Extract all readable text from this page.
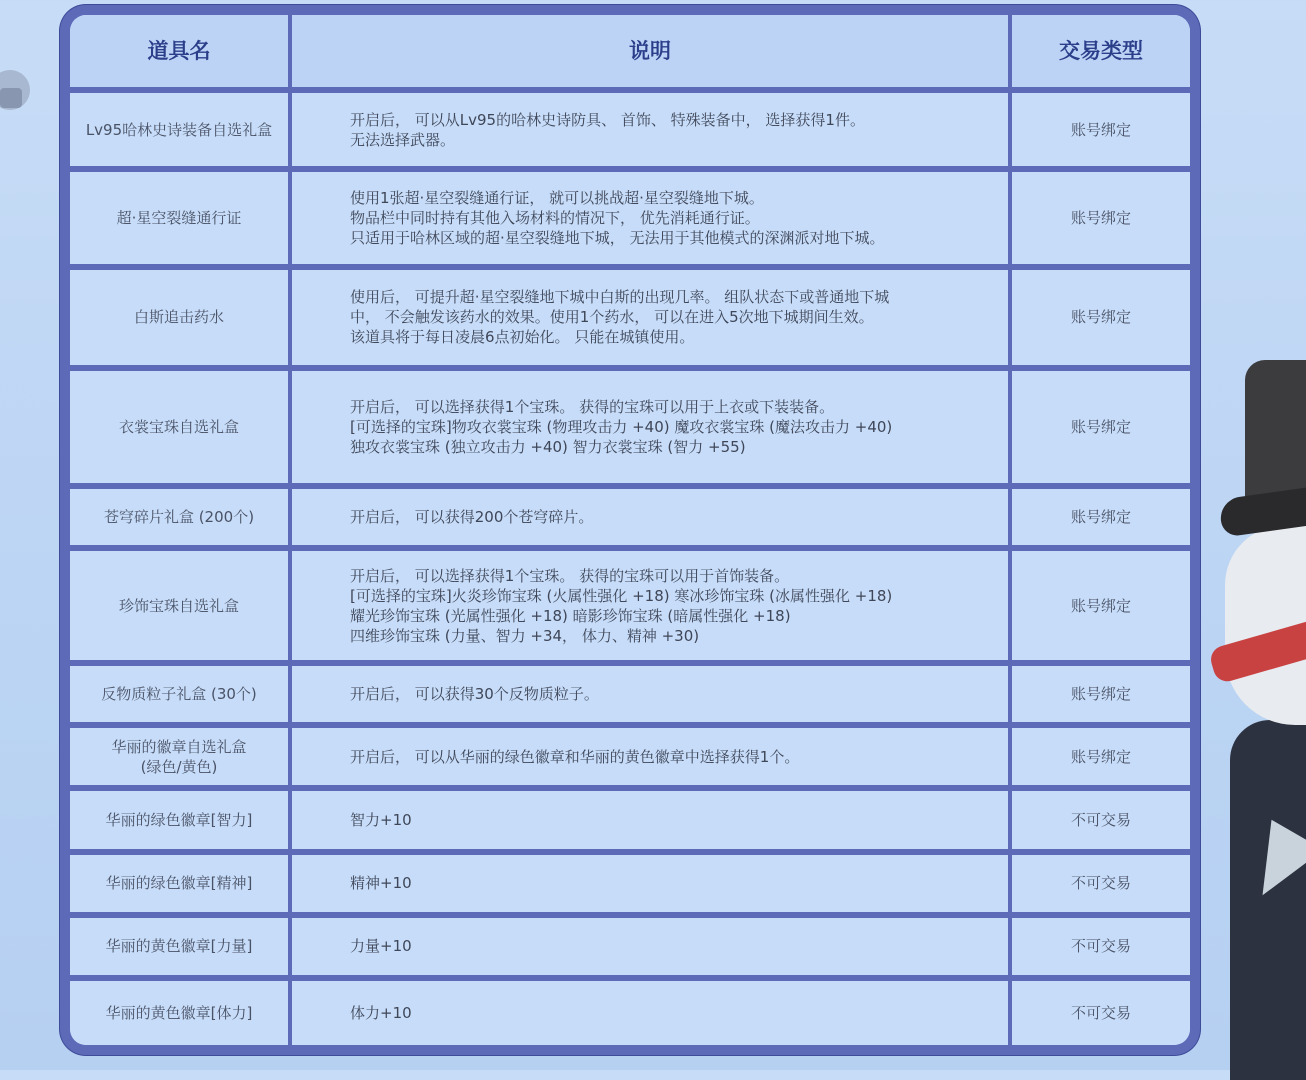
道具名	说明	交易类型

Lv95哈林史诗装备自选礼盒	开启后， 可以从Lv95的哈林史诗防具、 首饰、 特殊装备中， 选择获得1件。
无法选择武器。	账号绑定

超·星空裂缝通行证	使用1张超·星空裂缝通行证， 就可以挑战超·星空裂缝地下城。
物品栏中同时持有其他入场材料的情况下， 优先消耗通行证。
只适用于哈林区域的超·星空裂缝地下城， 无法用于其他模式的深渊派对地下城。	账号绑定

白斯追击药水	使用后， 可提升超·星空裂缝地下城中白斯的出现几率。 组队状态下或普通地下城
中， 不会触发该药水的效果。使用1个药水， 可以在进入5次地下城期间生效。
该道具将于每日凌晨6点初始化。 只能在城镇使用。	账号绑定

衣裳宝珠自选礼盒	开启后， 可以选择获得1个宝珠。 获得的宝珠可以用于上衣或下装装备。
[可选择的宝珠]物攻衣裳宝珠 (物理攻击力 +40) 魔攻衣裳宝珠 (魔法攻击力 +40)
独攻衣裳宝珠 (独立攻击力 +40) 智力衣裳宝珠 (智力 +55)	账号绑定

苍穹碎片礼盒 (200个)	开启后， 可以获得200个苍穹碎片。	账号绑定

珍饰宝珠自选礼盒	开启后， 可以选择获得1个宝珠。 获得的宝珠可以用于首饰装备。
[可选择的宝珠]火炎珍饰宝珠 (火属性强化 +18) 寒冰珍饰宝珠 (冰属性强化 +18)
耀光珍饰宝珠 (光属性强化 +18) 暗影珍饰宝珠 (暗属性强化 +18)
四维珍饰宝珠 (力量、智力 +34， 体力、精神 +30)	账号绑定

反物质粒子礼盒 (30个)	开启后， 可以获得30个反物质粒子。	账号绑定

华丽的徽章自选礼盒
(绿色/黄色)	开启后， 可以从华丽的绿色徽章和华丽的黄色徽章中选择获得1个。	账号绑定

华丽的绿色徽章[智力]	智力+10	不可交易

华丽的绿色徽章[精神]	精神+10	不可交易

华丽的黄色徽章[力量]	力量+10	不可交易

华丽的黄色徽章[体力]	体力+10	不可交易
